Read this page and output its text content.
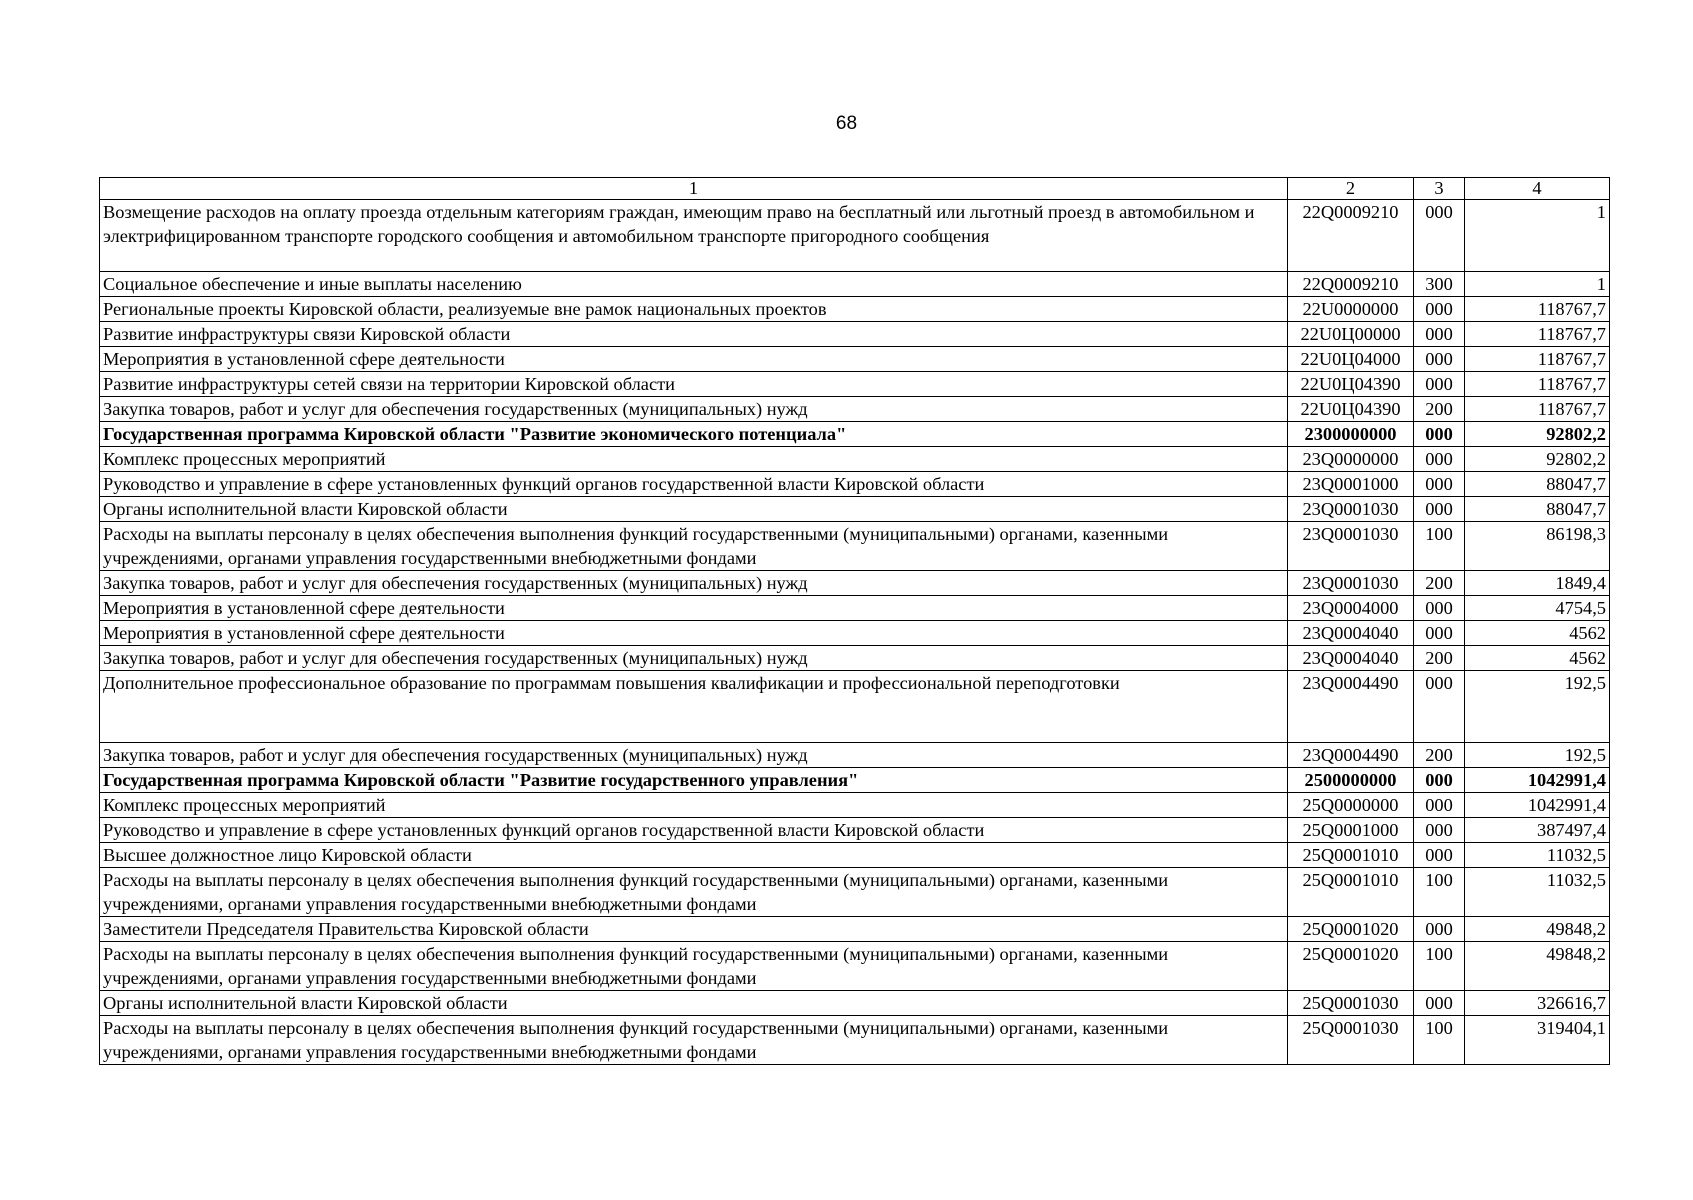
68
1	2	3	4
Возмещение расходов на оплату проезда отдельным категориям граждан, имеющим право на бесплатный или льготный проезд в автомобильном и электрифицированном транспорте городского сообщения и автомобильном транспорте пригородного сообщения	22Q0009210	000	1
Социальное обеспечение и иные выплаты населению	22Q0009210	300	1
Региональные проекты Кировской области, реализуемые вне рамок национальных проектов	22U0000000	000	118767,7
Развитие инфраструктуры связи Кировской области	22U0Ц00000	000	118767,7
Мероприятия в установленной сфере деятельности	22U0Ц04000	000	118767,7
Развитие инфраструктуры сетей связи на территории Кировской области	22U0Ц04390	000	118767,7
Закупка товаров, работ и услуг для обеспечения государственных (муниципальных) нужд	22U0Ц04390	200	118767,7
Государственная программа Кировской области "Развитие экономического потенциала"	2300000000	000	92802,2
Комплекс процессных мероприятий	23Q0000000	000	92802,2
Руководство и управление в сфере установленных функций органов государственной власти Кировской области	23Q0001000	000	88047,7
Органы исполнительной власти Кировской области	23Q0001030	000	88047,7
Расходы на выплаты персоналу в целях обеспечения выполнения функций государственными (муниципальными) органами, казенными учреждениями, органами управления государственными внебюджетными фондами	23Q0001030	100	86198,3
Закупка товаров, работ и услуг для обеспечения государственных (муниципальных) нужд	23Q0001030	200	1849,4
Мероприятия в установленной сфере деятельности	23Q0004000	000	4754,5
Мероприятия в установленной сфере деятельности	23Q0004040	000	4562
Закупка товаров, работ и услуг для обеспечения государственных (муниципальных) нужд	23Q0004040	200	4562
Дополнительное профессиональное образование по программам повышения квалификации и профессиональной переподготовки	23Q0004490	000	192,5
Закупка товаров, работ и услуг для обеспечения государственных (муниципальных) нужд	23Q0004490	200	192,5
Государственная программа Кировской области "Развитие государственного управления"	2500000000	000	1042991,4
Комплекс процессных мероприятий	25Q0000000	000	1042991,4
Руководство и управление в сфере установленных функций органов государственной власти Кировской области	25Q0001000	000	387497,4
Высшее должностное лицо Кировской области	25Q0001010	000	11032,5
Расходы на выплаты персоналу в целях обеспечения выполнения функций государственными (муниципальными) органами, казенными учреждениями, органами управления государственными внебюджетными фондами	25Q0001010	100	11032,5
Заместители Председателя Правительства Кировской области	25Q0001020	000	49848,2
Расходы на выплаты персоналу в целях обеспечения выполнения функций государственными (муниципальными) органами, казенными учреждениями, органами управления государственными внебюджетными фондами	25Q0001020	100	49848,2
Органы исполнительной власти Кировской области	25Q0001030	000	326616,7
Расходы на выплаты персоналу в целях обеспечения выполнения функций государственными (муниципальными) органами, казенными учреждениями, органами управления государственными внебюджетными фондами	25Q0001030	100	319404,1
